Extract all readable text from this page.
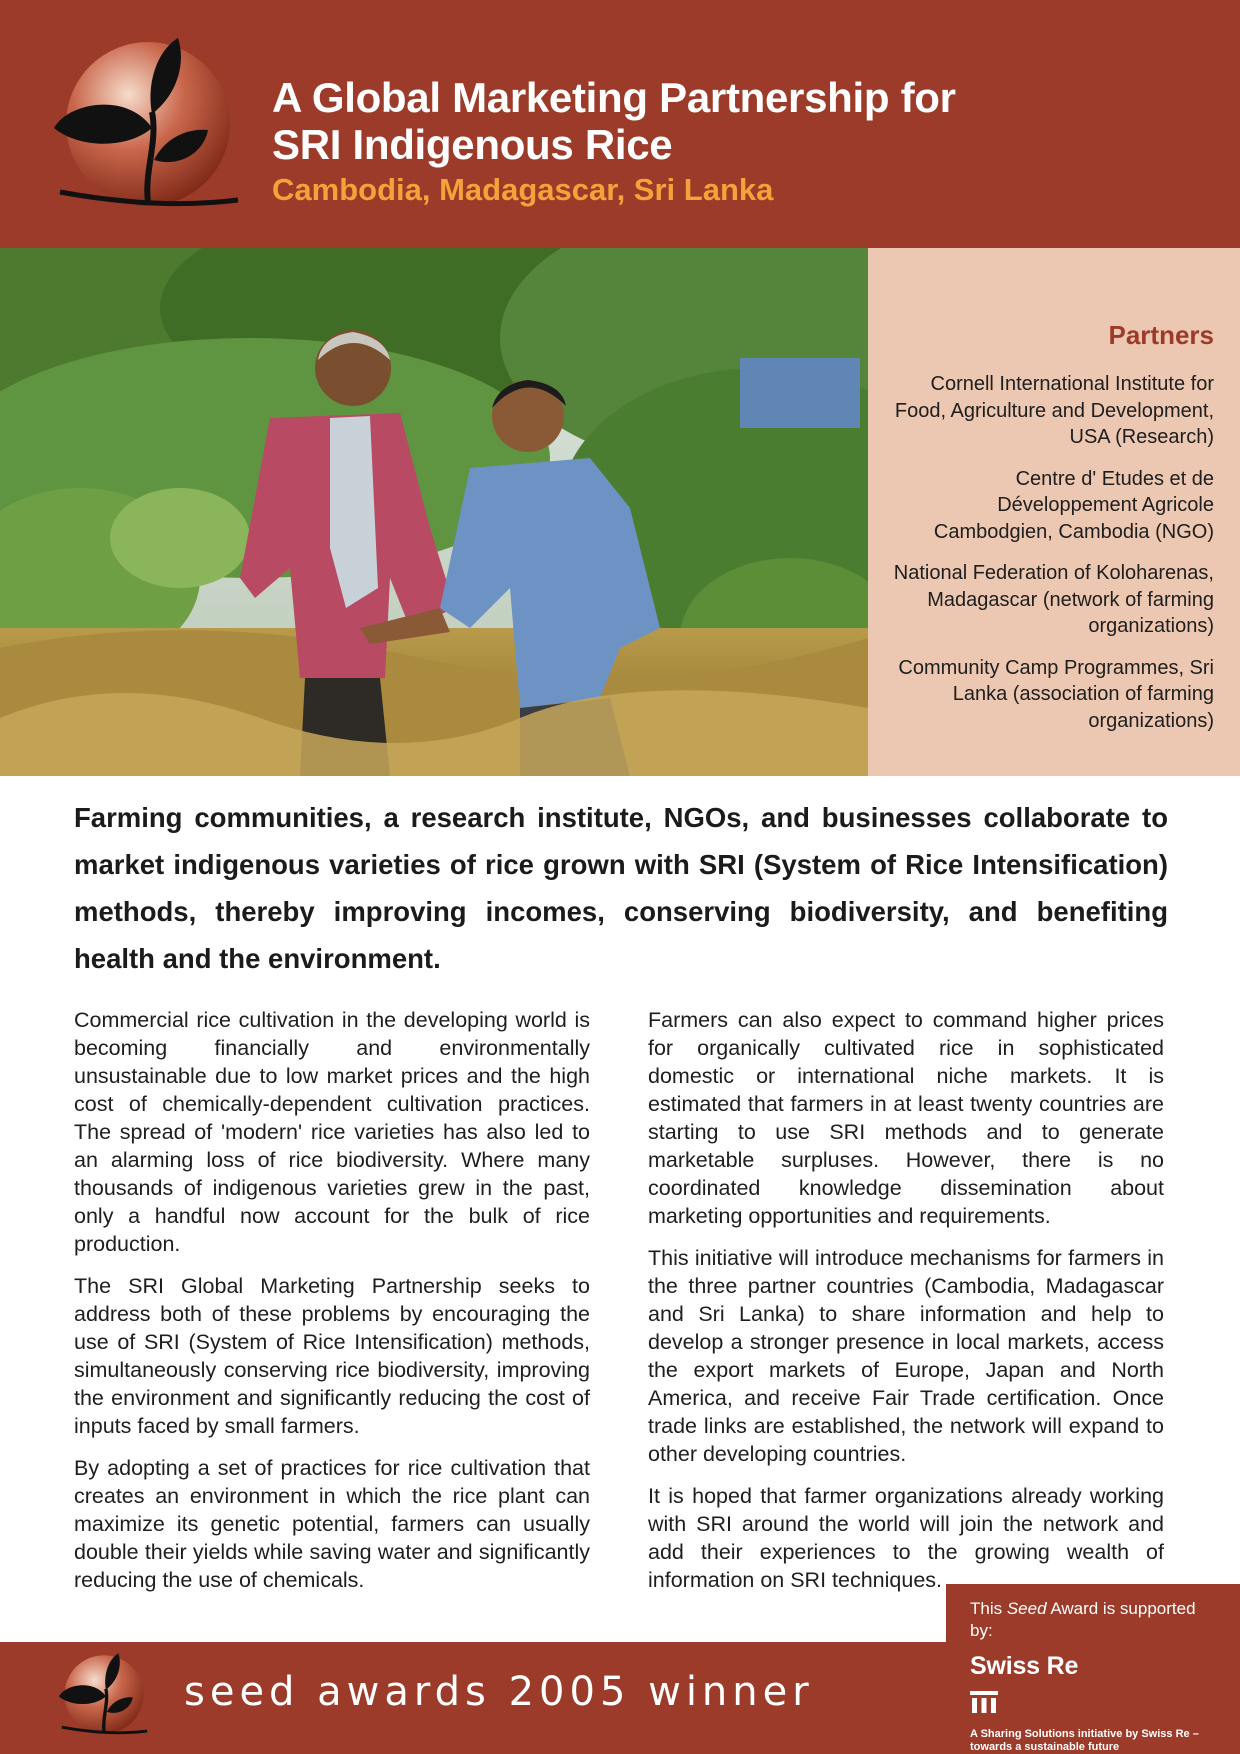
A Global Marketing Partnership for
SRI Indigenous Rice
Cambodia, Madagascar, Sri Lanka
Partners
Cornell International Institute for Food, Agriculture and Development, USA (Research)
Centre d' Etudes et de Développement Agricole Cambodgien, Cambodia (NGO)
National Federation of Koloharenas, Madagascar (network of farming organizations)
Community Camp Programmes, Sri Lanka (association of farming organizations)
Farming communities, a research institute, NGOs, and businesses collaborate to market indigenous varieties of rice grown with SRI (System of Rice Intensification) methods, thereby improving incomes, conserving biodiversity, and benefiting health and the environment.

Commercial rice cultivation in the developing world is becoming financially and environmentally unsustainable due to low market prices and the high cost of chemically-dependent cultivation practices. The spread of 'modern' rice varieties has also led to an alarming loss of rice biodiversity. Where many thousands of indigenous varieties grew in the past, only a handful now account for the bulk of rice production.

The SRI Global Marketing Partnership seeks to address both of these problems by encouraging the use of SRI (System of Rice Intensification) methods, simultaneously conserving rice biodiversity, improving the environment and significantly reducing the cost of inputs faced by small farmers.

By adopting a set of practices for rice cultivation that creates an environment in which the rice plant can maximize its genetic potential, farmers can usually double their yields while saving water and significantly reducing the use of chemicals.

Farmers can also expect to command higher prices for organically cultivated rice in sophisticated domestic or international niche markets. It is estimated that farmers in at least twenty countries are starting to use SRI methods and to generate marketable surpluses. However, there is no coordinated knowledge dissemination about marketing opportunities and requirements.

This initiative will introduce mechanisms for farmers in the three partner countries (Cambodia, Madagascar and Sri Lanka) to share information and help to develop a stronger presence in local markets, access the export markets of Europe, Japan and North America, and receive Fair Trade certification. Once trade links are established, the network will expand to other developing countries.

It is hoped that farmer organizations already working with SRI around the world will join the network and add their experiences to the growing wealth of information on SRI techniques.

seed awards 2005 winner
This Seed Award is supported by:
Swiss Re
A Sharing Solutions initiative by Swiss Re – towards a sustainable future
